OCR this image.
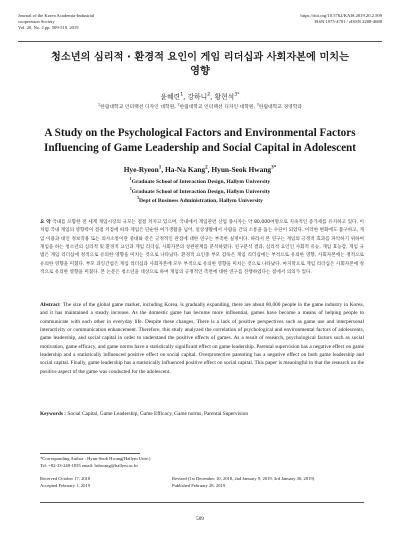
Journal of the Korea Academia-Industrial
cooperation Society
Vol. 20, No. 2 pp. 509-519, 2019
https://doi.org/10.5762/KAIS.2019.20.2.509
ISSN 1975-4701 / eISSN 2288-4688
청소년의 심리적 · 환경적 요인이 게임 리더십과 사회자본에 미치는
영향
윤혜련$^1$, 강하니$^2$, 황현석$^{3*}$
$^1$한림대학교 인터랙션 디자인 대학원, $^2$한림대학교 인터랙션 디자인 대학원, $^3$한림대학교 경영학과
A Study on the Psychological Factors and Environmental Factors
Influencing of Game Leadership and Social Capital in Adolescent
Hye-Ryeon$^1$, Ha-Na Kang$^2$, Hyun-Seok Hwang$^{3*}$
$^1$Graduate School of Interaction Design, Hallym University
$^2$Graduate School of Interaction Design, Hallym University
$^3$Dept of Business Administration, Hallym University

요 약 국내를 포함한 전 세계 게임시장의 규모는 점점 커지고 있으며, 국내에서 게임관련 산업 종사자는 약 80,000여명으로 지속적인 증가세를 유지하고 있다. 이처럼 국내 게임의 영향력이 점점 커짐에 따라 게임은 단순한 여가생활을 넘어, 일상생활에서 사람들 간의 소통을 돕는 수단이 되었다. 이러한 변화에도 불구하고, 게임 이용과 대인 정보작용 또는 의사소통이란 중대와 같은 긍정적인 관점에 대한 연구는 부족한 실정이다. 따라서 본 연구는 게임의 긍정적 효과를 파악하기 위하여 게임을 하는 청소년의 심리적 및 환경적 요인과 게임 리더십, 사회자본의 상관관계를 분석하였다. 연구분석 결과, 심리적 요인인 사회적 유능, 게임 효능감, 게임 규범은 게임 리더십에 정적으로 유의한 영향을 미치는 것으로 나타났다. 환경적 요인중 부모 감독은 게임 리더십에는 부적으로 유의한 영향, 사회자본에는 정적으로 유의한 영향을 미쳤다. 부모 과잉간섭은 게임 리더십과 사회자본에 모두 부적으로 유의한 영향을 미치는 것으로 나타났다. 마지막으로 게임 리더십은 사회자본에 정적으로 유의한 영향을 미쳤다. 본 논문은 청소년을 대상으로 하여 게임의 긍정적인 측면에 대한 연구를 진행하였다는 점에서 의의가 있다.

Abstract The size of the global game market, including Korea, is gradually expanding, there are about 80,000 people in the game industry in Korea, and it has maintained a steady increase. As the domestic game has become more influential, games have become a means of helping people to communicate with each other in everyday life. Despite these changes, There is a lack of positive perspectives such as game use and interpersonal interactivity or communication enhancement. Therefore, this study analyzed the correlation of psychological and environmental factors of adolescents, game leadership, and social capital in order to understand the positive effects of games. As a result of research, psychological factors such as social motivation, game efficacy, and game norms have a statistically significant effect on game leadership. Parental supervision has a negative effect on game leadership and a statistically influenced positive effect on social capital. Overprotective parenting has a negative effect on both game leadership and social capital. Finally, game leadership has a statistically influenced positive effect on social capital. This paper is meaningful in that the research on the positive aspect of the game was conducted for the adolescent.

Keywords : Social Capital, Game Leadership, Game Efficacy, Game norms, Parental Supervision

*Corresponding Author : Hyun-Seok Hwang(Hallym Univ.)
Tel: +82-33-248-1835 email: hshwang@hallym.ac.kr
Received October 17, 2018	Revised (1st December 10, 2018, 2nd January 9, 2019, 3rd January 30, 2019)
Accepted February 1, 2019	Published February 28, 2019
509
